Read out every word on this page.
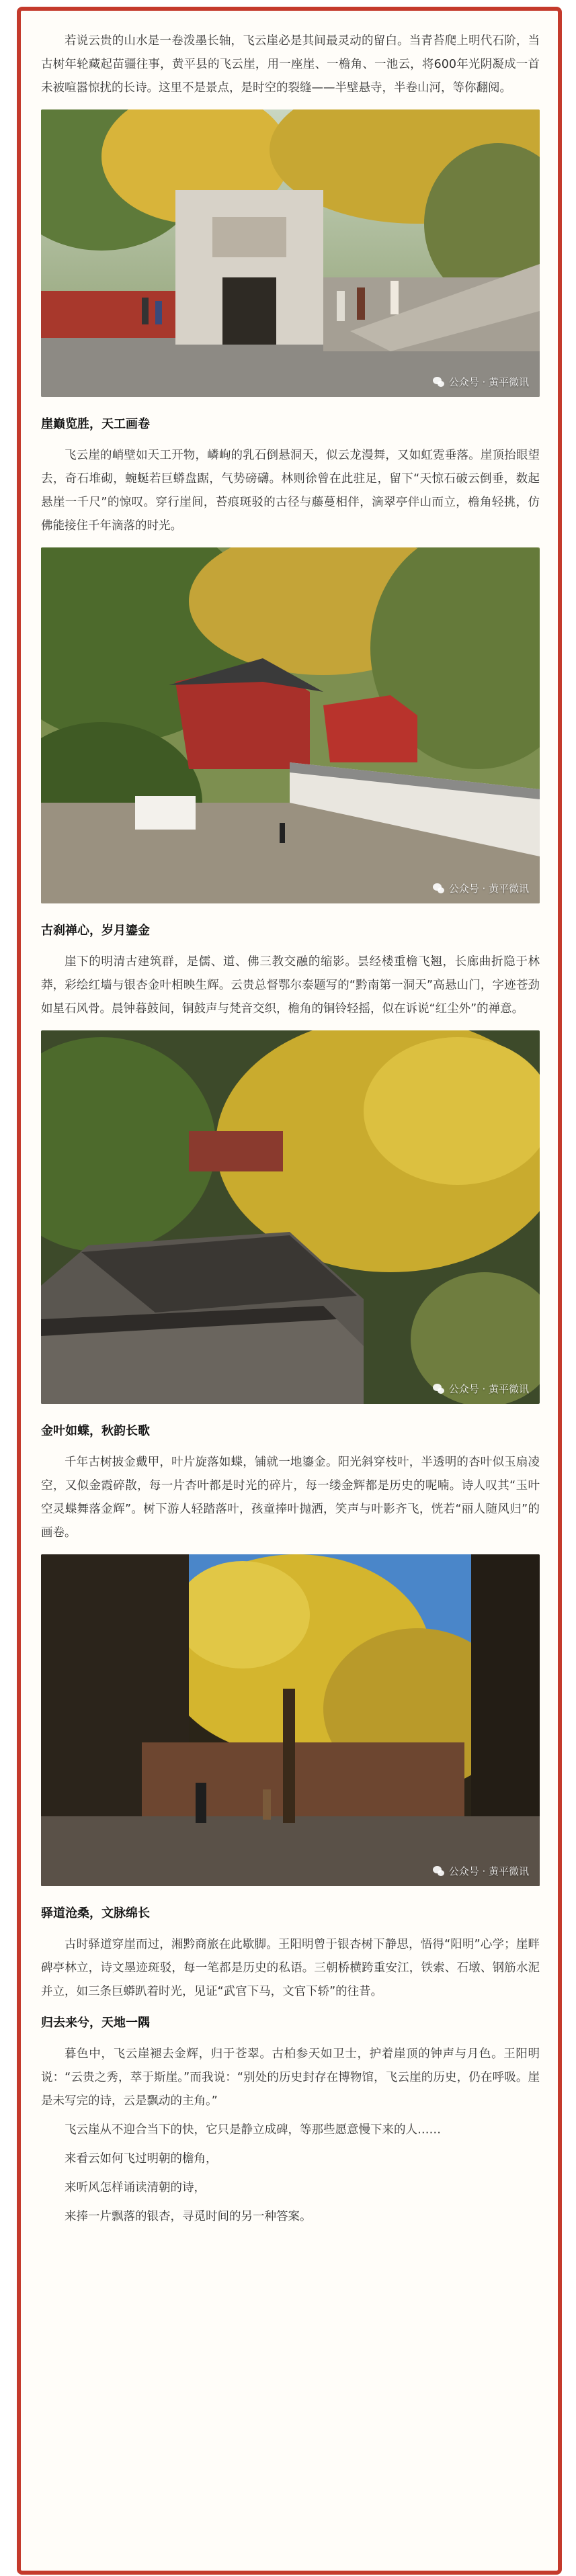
若说云贵的山水是一卷泼墨长轴，飞云崖必是其间最灵动的留白。当青苔爬上明代石阶，当古树年轮藏起苗疆往事，黄平县的飞云崖，用一座崖、一檐角、一池云，将600年光阴凝成一首未被喧嚣惊扰的长诗。这里不是景点，是时空的裂缝——半壁悬寺，半卷山河，等你翻阅。

公众号 · 黄平微讯
崖巅览胜，天工画卷

飞云崖的峭壁如天工开物，嶙峋的乳石倒悬洞天，似云龙漫舞，又如虹霓垂落。崖顶抬眼望去，奇石堆砌，蜿蜒若巨蟒盘踞，气势磅礴。林则徐曾在此驻足，留下“天惊石破云倒垂，数起悬崖一千尺”的惊叹。穿行崖间，苔痕斑驳的古径与藤蔓相伴，滴翠亭伴山而立，檐角轻挑，仿佛能接住千年滴落的时光。

公众号 · 黄平微讯
古刹禅心，岁月鎏金

崖下的明清古建筑群，是儒、道、佛三教交融的缩影。昙经楼重檐飞翘，长廊曲折隐于林莽，彩绘红墙与银杏金叶相映生辉。云贵总督鄂尔泰题写的“黔南第一洞天”高悬山门，字迹苍劲如星石风骨。晨钟暮鼓间，铜鼓声与梵音交织，檐角的铜铃轻摇，似在诉说“红尘外”的禅意。

公众号 · 黄平微讯
金叶如蝶，秋韵长歌

千年古树披金戴甲，叶片旋落如蝶，铺就一地鎏金。阳光斜穿枝叶，半透明的杏叶似玉扇凌空，又似金霞碎散，每一片杏叶都是时光的碎片，每一缕金辉都是历史的呢喃。诗人叹其“玉叶空灵蝶舞落金辉”。树下游人轻踏落叶，孩童捧叶抛洒，笑声与叶影齐飞，恍若“丽人随风归”的画卷。

公众号 · 黄平微讯
驿道沧桑，文脉绵长

古时驿道穿崖而过，湘黔商旅在此歇脚。王阳明曾于银杏树下静思，悟得“阳明”心学；崖畔碑亭林立，诗文墨迹斑驳，每一笔都是历史的私语。三朝桥横跨重安江，铁索、石墩、钢筋水泥并立，如三条巨蟒趴着时光，见证“武官下马，文官下轿”的往昔。

归去来兮，天地一隅

暮色中，飞云崖褪去金辉，归于苍翠。古柏参天如卫士，护着崖顶的钟声与月色。王阳明说：“云贵之秀，萃于斯崖。”而我说：“别处的历史封存在博物馆，飞云崖的历史，仍在呼吸。崖是未写完的诗，云是飘动的主角。”

飞云崖从不迎合当下的快，它只是静立成碑，等那些愿意慢下来的人……

来看云如何飞过明朝的檐角，

来听风怎样诵读清朝的诗，

来捧一片飘落的银杏，寻觅时间的另一种答案。
